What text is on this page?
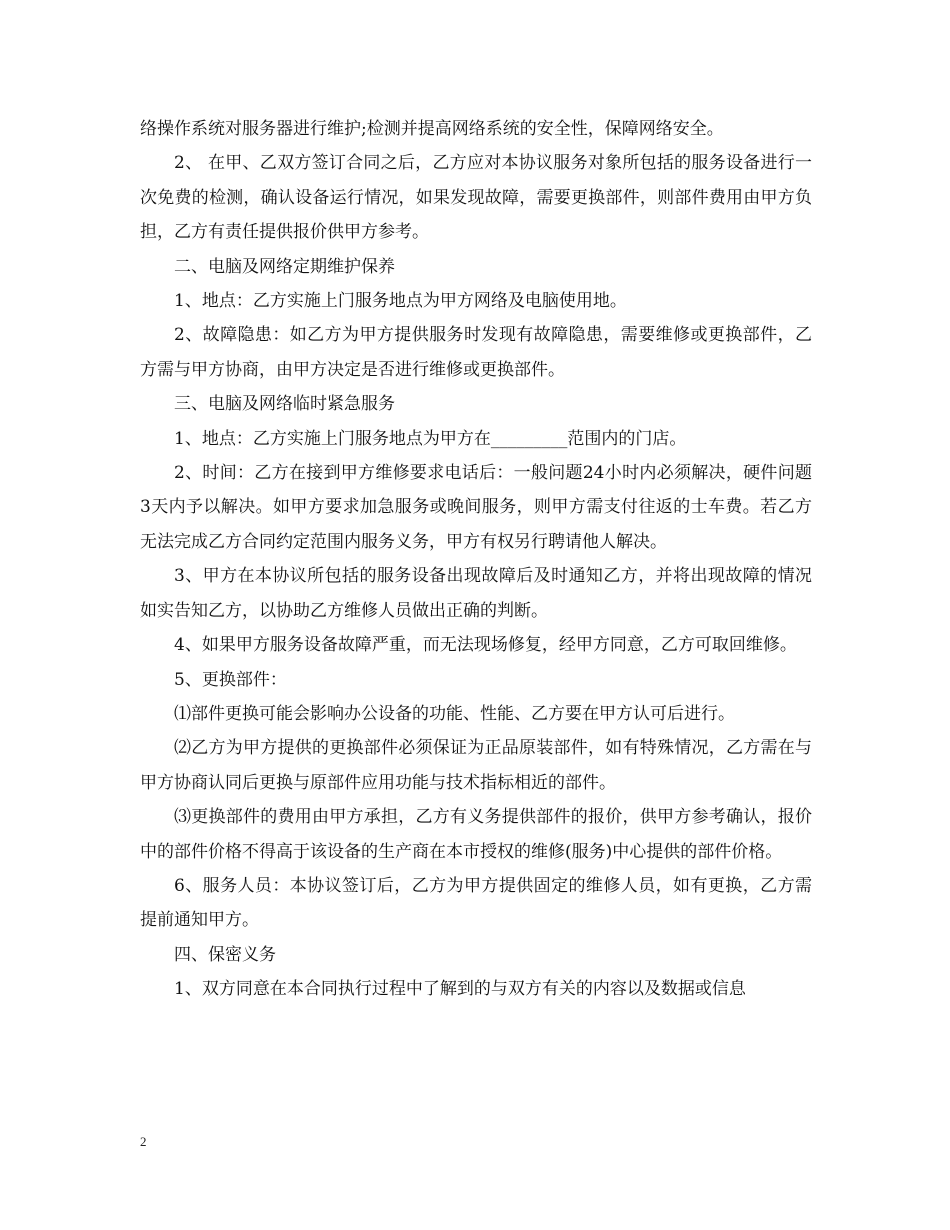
络操作系统对服务器进行维护;检测并提高网络系统的安全性，保障网络安全。

2、 在甲、乙双方签订合同之后，乙方应对本协议服务对象所包括的服务设备进行一次免费的检测，确认设备运行情况，如果发现故障，需要更换部件，则部件费用由甲方负担，乙方有责任提供报价供甲方参考。

二、电脑及网络定期维护保养

1、地点：乙方实施上门服务地点为甲方网络及电脑使用地。

2、故障隐患：如乙方为甲方提供服务时发现有故障隐患，需要维修或更换部件，乙方需与甲方协商，由甲方决定是否进行维修或更换部件。

三、电脑及网络临时紧急服务

1、地点：乙方实施上门服务地点为甲方在_________范围内的门店。

2、时间：乙方在接到甲方维修要求电话后：一般问题24小时内必须解决，硬件问题3天内予以解决。如甲方要求加急服务或晚间服务，则甲方需支付往返的士车费。若乙方无法完成乙方合同约定范围内服务义务，甲方有权另行聘请他人解决。

3、甲方在本协议所包括的服务设备出现故障后及时通知乙方，并将出现故障的情况如实告知乙方，以协助乙方维修人员做出正确的判断。

4、如果甲方服务设备故障严重，而无法现场修复，经甲方同意，乙方可取回维修。

5、更换部件：

⑴部件更换可能会影响办公设备的功能、性能、乙方要在甲方认可后进行。

⑵乙方为甲方提供的更换部件必须保证为正品原装部件，如有特殊情况，乙方需在与甲方协商认同后更换与原部件应用功能与技术指标相近的部件。

⑶更换部件的费用由甲方承担，乙方有义务提供部件的报价，供甲方参考确认，报价中的部件价格不得高于该设备的生产商在本市授权的维修(服务)中心提供的部件价格。

6、服务人员：本协议签订后，乙方为甲方提供固定的维修人员，如有更换，乙方需提前通知甲方。

四、保密义务

1、双方同意在本合同执行过程中了解到的与双方有关的内容以及数据或信息

2
